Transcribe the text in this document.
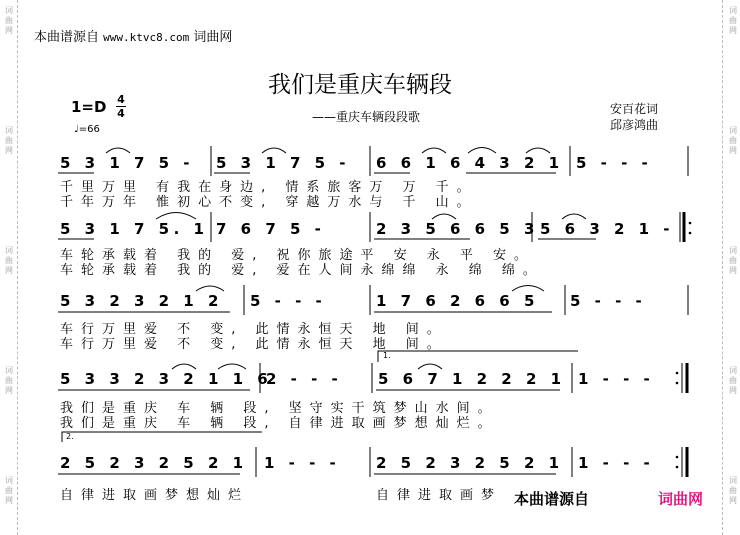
词曲网
词曲网
词曲网
词曲网
词曲网
词曲网
词曲网
词曲网
词曲网
词曲网
本曲谱源自 www.ktvc8.com 词曲网
我们是重庆车辆段
——重庆车辆段段歌
1=D 4
4
♩=66
安百花词
邱彦鸿曲
5 3 1 7 5 - 5 3 1 7 5 - 6 6 1 6 4 3 2 1 5 - - -
千里万里 有我在身边, 情系旅客万 万 千。
千年万年 惟初心不变, 穿越万水与 千 山。
5 3 1 7 5. 1 7 6 7 5 -	2 3 5 6 6 5 3 5 6 3 2 1 -
车轮承载着 我的 爱, 祝你旅途平 安 永 平 安。
车轮承载着 我的 爱, 爱在人间永绵绵 永 绵 绵。
5 3 2 3 2 1 2 5 - - -	1 7 6 2 6 6 5 5 - - -
车行万里爱 不 变, 此情永恒天 地 间。
车行万里爱 不 变, 此情永恒天 地 间。
1.
5 3 3 2 3 2 1 1 6
2 - - - 5 6 7 1 2 2 2 1 1 - - -
我们是重庆 车 辆 段, 坚守实干筑梦山水间。
我们是重庆 车 辆 段, 自律进取画梦想灿烂。
2.
2 5 2 3 2 5 2 1 1 - - - 2 5 2 3 2 5 2 1 1 - - -
自律进取画梦想灿烂	自律进取画梦 本曲谱源自	词曲网
